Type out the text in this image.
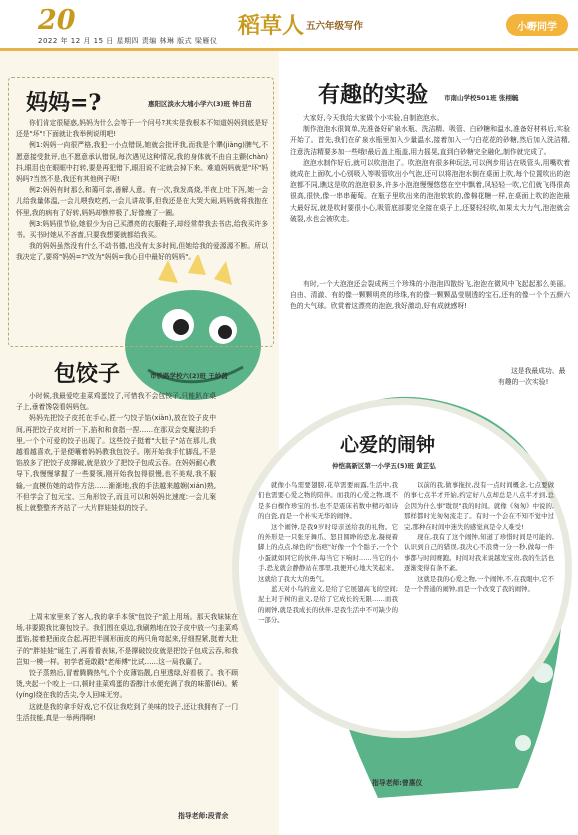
20
2022 年 12 月 15 日 星期四 责编 林琳 版式 梁雁仪
稻草人 五六年级写作	小嘢同学
妈妈=?	惠阳区淡水大埔小学六(3)班 钟日苗

你们肯定很疑惑,妈妈为什么会等于一个问号?其实是我根本不知道妈妈到底是好还是"坏"!下面就让我举例说明吧!

例1:妈妈一向很严格,我犯一小点错误,她就会批评我,而我是个犟(jiàng)脾气,不愿意接受批评,也不愿意承认错误,每次遇见这种情况,我的身体就不由自主颤(chàn)抖,眼泪也在眼眶中打转,要是再犯错下,眼泪说不定就会掉下来。难道妈妈就是"坏"妈妈吗?当然不是,我还有其他例子呢!

例2:妈妈有时那么和蔼可亲,善解人意。有一次,我发高烧,半夜上吐下泻,她一会儿给我量体温,一会儿喂我吃药,一会儿讲故事,但我还是在大哭大闹,妈妈就将我抱在怀里,我的病有了好转,妈妈却憔悴极了,好像瘦了一圈。

例3:妈妈很节俭,她很少为自己买漂亮的衣服鞋子,却经常带我去书店,给我买许多书。买书时她从不吝啬,只要我想要就都给我买。

我的妈妈虽然没有什么不动书德,也没有太多时间,但她给我的爱源源不断。所以我决定了,要将"妈妈=?"改为"妈妈=我心目中最好的妈妈"。

包饺子	市铁路学校六(2)班 王妙茵

小时候,我最爱吃韭菜鸡蛋饺了,可惜我不会包饺子,只能趴在桌子上,垂着馋袋看妈妈包。

妈妈先把饺子皮托在手心,匠一勺饺子馅(xiàn),放在饺子皮中间,再把饺子皮对折一下,掐和和食指一捏……在那双会变魔法的手里,一个个可爱的饺子出现了。这些饺子挺着"大肚子"站在那儿,我越看越喜欢,于是便嚷着妈妈教我包饺子。刚开始我手忙脚乱,不是馅放多了把饺子皮撑破,就是放少了把饺子包成云吞。在妈妈耐心教导下,我慢慢掌握了一些要领,刚开始我包得很慢,也不美观,我不服输,一直模仿她的动作方法……渐渐地,我的手法越来越娴(xián)熟,不但学会了包元宝、三角形饺子,而且可以和妈妈比速度:一会儿案板上就整整齐齐站了一大片胖娃娃似的饺子。

上周末家里来了客人,我的拿手本领"包饺子"派上用场。那天我妹妹在场,非要跟我比赛包饺子。我们围在桌边,我刷熟地在饺子皮中放一勺韭菜鸡蛋馅,接着把面皮合起,再把半圆形面皮的两只角弯起来,仔细捏紧,挺着大肚子的"胖娃娃"诞生了,再看看表妹,不是撑破饺皮就是把饺子包成云吞,和我岂知一模一样。初学者竟敢戳"老师傅"比试……这一局我赢了。

饺子蒸熟后,冒着腾腾热气,个个皮薄馅靓,白里透绿,好看极了。我不顾烫,夹起一个咬上一口,顿时韭菜鸡蛋的香醇汁水便充满了我的味蕾(lěi)。紫(yíng)绕在我的舌尖,令人回味无穷。

这就是我的拿手好戏,它不仅让我吃到了美味的饺子,还让我拥有了一门生活技能,真是一举两得啊!

指导老师:段青余
有趣的实验 市南山学校501班 张栩毓

大家好,今天我给大家做个小实验,自制泡泡水。

制作泡泡水很简单,先准备好矿泉水瓶、洗洁精、吸管、白砂糖和温水,准备好材料后,实验开始了。首先,我们在矿泉水瓶里加入少量温水,接着加入一勺白花花的砂糖,然后加入洗洁精,注意洗洁精要多加一些哦!最后盖上瓶盖,用力摇晃,直到白砂糖完全融化,制作就完成了。

泡泡水制作好后,就可以吹泡泡了。吹泡泡有很多种玩法,可以例步用沾在吸管头,用嘴吹着就成在上面吹,小心别吸入等吸管吹出小气泡,还可以将泡泡水倒在桌面上吹,每个位置吹出的泡泡都不同,瞧这是吹的泡泡很多,许多小泡泡慢慢悠悠在空中飘着,风轻轻一吹,它们就飞得很高很高,很快,像一串串葡萄。在瓶子里吹出来的泡泡软软的,像棉花糖一样,在桌面上吹的泡泡最大最好玩,就是吹时要很小心,吸管底部要完全接在桌子上,还要轻轻吹,如果太大力气,泡泡就会破裂,水也会被吹走。

有时,一个大泡泡还会裂成两三个珍珠的小泡泡四散纷飞,泡泡在微风中飞起起那么美丽。自由、清澈、有的像一颗颗明亮的珍珠,有的像一颗颗晶莹剔透的宝石,还有的像一个个五颜六色的大气球。欣赏着这漂亮的泡泡,我好激动,好有成就感呀!

这是我最成功、最有趣的一次实验!

心爱的闹钟
仲恺高新区第一小学五(5)班 黄芷弘

就像小鸟需要翅膀,花草需要雨露,生活中,我们也需要心爱之物的陪伴。而我的心爱之物,既不是多白棵作珍宝的书,也不是震床若数中精巧如诗的白瓷,而是一个朴实无华的闹钟。

这个闹钟,是我9岁时母亲送给我的礼物。它的外形是一只张牙舞爪、怒目圆睁的恐龙,凝视着脚上的点点,绿色的"伤疤"好像一个个骷子,一个个小蛋就如同它的伙伴,每当它下响时……当它的小手,恐龙就会静静站在那里,我便开心地大笑起来。这就给了我大大的勇气。

蓝天对小鸟的意义,是给了它展翅高飞的空间;泥土对于树的意义,是给了它成长的无限……而我的闹钟,就是我成长的伙伴,是我生活中不可缺少的一部分。

以前的我,做事拖拉,没有一点时间概念,七点要做的事七点半才开始,约定好八点却总是八点半才到,总会因为什么事"耽误"我的时间。就像《匆匆》中说的,那样都时光匆匆流走了。有时一个会在不知不觉中过完,那种在时间中迷失的感觉真是令人难受!

现在,我有了这个闹钟,知道了珍惜时间是可能的,认识到自己的错误,我决心不浪费一分一秒,做每一件事都与时间赛跑。时间对我来说越发宝贵,我的生活也逐渐变得有条不紊。

这就是我的心爱之物,一个闹钟,不,在我眼中,它不是一个普通的闹钟,而是一个改变了我的闹钟。

指导老师:曾惠仪
